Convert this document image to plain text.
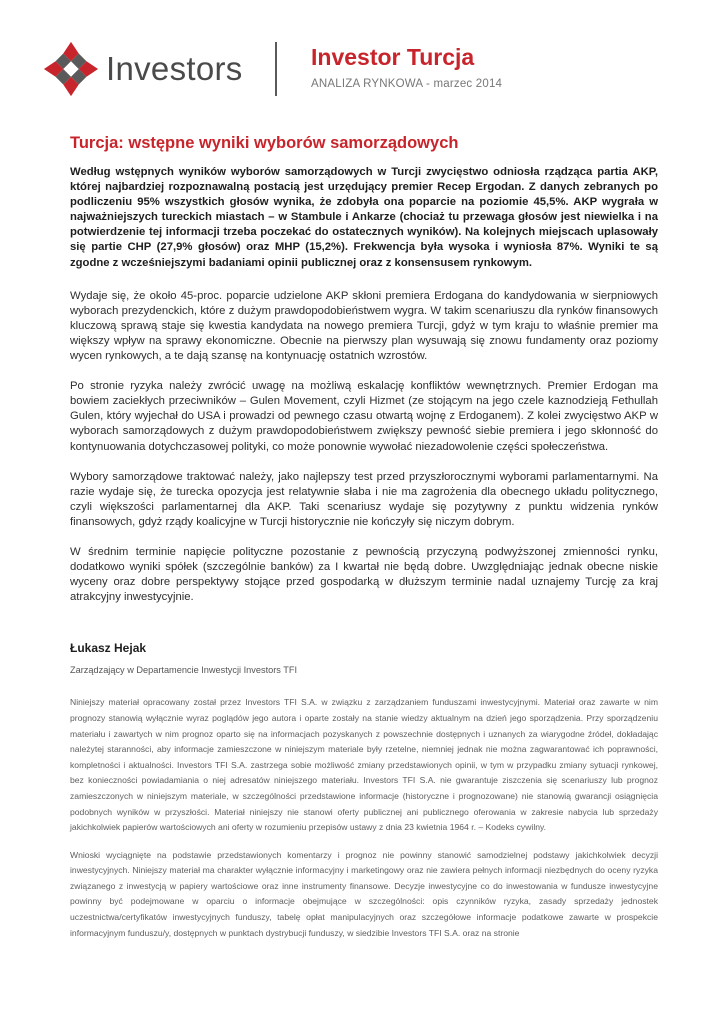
Investors	Investor Turcja
ANALIZA RYNKOWA - marzec 2014
Turcja: wstępne wyniki wyborów samorządowych

Według wstępnych wyników wyborów samorządowych w Turcji zwycięstwo odniosła rządząca partia AKP, której najbardziej rozpoznawalną postacią jest urzędujący premier Recep Ergodan. Z danych zebranych po podliczeniu 95% wszystkich głosów wynika, że zdobyła ona poparcie na poziomie 45,5%. AKP wygrała w najważniejszych tureckich miastach – w Stambule i Ankarze (chociaż tu przewaga głosów jest niewielka i na potwierdzenie tej informacji trzeba poczekać do ostatecznych wyników). Na kolejnych miejscach uplasowały się partie CHP (27,9% głosów) oraz MHP (15,2%). Frekwencja była wysoka i wyniosła 87%. Wyniki te są zgodne z wcześniejszymi badaniami opinii publicznej oraz z konsensusem rynkowym.

Wydaje się, że około 45-proc. poparcie udzielone AKP skłoni premiera Erdogana do kandydowania w sierpniowych wyborach prezydenckich, które z dużym prawdopodobieństwem wygra. W takim scenariuszu dla rynków finansowych kluczową sprawą staje się kwestia kandydata na nowego premiera Turcji, gdyż w tym kraju to właśnie premier ma większy wpływ na sprawy ekonomiczne. Obecnie na pierwszy plan wysuwają się znowu fundamenty oraz poziomy wycen rynkowych, a te dają szansę na kontynuację ostatnich wzrostów.

Po stronie ryzyka należy zwrócić uwagę na możliwą eskalację konfliktów wewnętrznych. Premier Erdogan ma bowiem zaciekłych przeciwników – Gulen Movement, czyli Hizmet (ze stojącym na jego czele kaznodzieją Fethullah Gulen, który wyjechał do USA i prowadzi od pewnego czasu otwartą wojnę z Erdoganem). Z kolei zwycięstwo AKP w wyborach samorządowych z dużym prawdopodobieństwem zwiększy pewność siebie premiera i jego skłonność do kontynuowania dotychczasowej polityki, co może ponownie wywołać niezadowolenie części społeczeństwa.

Wybory samorządowe traktować należy, jako najlepszy test przed przyszłorocznymi wyborami parlamentarnymi. Na razie wydaje się, że turecka opozycja jest relatywnie słaba i nie ma zagrożenia dla obecnego układu politycznego, czyli większości parlamentarnej dla AKP. Taki scenariusz wydaje się pozytywny z punktu widzenia rynków finansowych, gdyż rządy koalicyjne w Turcji historycznie nie kończyły się niczym dobrym.

W średnim terminie napięcie polityczne pozostanie z pewnością przyczyną podwyższonej zmienności rynku, dodatkowo wyniki spółek (szczególnie banków) za I kwartał nie będą dobre. Uwzględniając jednak obecne niskie wyceny oraz dobre perspektywy stojące przed gospodarką w dłuższym terminie nadal uznajemy Turcję za kraj atrakcyjny inwestycyjnie.

Łukasz Hejak
Zarządzający w Departamencie Inwestycji Investors TFI

Niniejszy materiał opracowany został przez Investors TFI S.A. w związku z zarządzaniem funduszami inwestycyjnymi. Materiał oraz zawarte w nim prognozy stanowią wyłącznie wyraz poglądów jego autora i oparte zostały na stanie wiedzy aktualnym na dzień jego sporządzenia. Przy sporządzeniu materiału i zawartych w nim prognoz oparto się na informacjach pozyskanych z powszechnie dostępnych i uznanych za wiarygodne źródeł, dokładając należytej staranności, aby informacje zamieszczone w niniejszym materiale były rzetelne, niemniej jednak nie można zagwarantować ich poprawności, kompletności i aktualności. Investors TFI S.A. zastrzega sobie możliwość zmiany przedstawionych opinii, w tym w przypadku zmiany sytuacji rynkowej, bez konieczności powiadamiania o niej adresatów niniejszego materiału. Investors TFI S.A. nie gwarantuje ziszczenia się scenariuszy lub prognoz zamieszczonych w niniejszym materiale, w szczególności przedstawione informacje (historyczne i prognozowane) nie stanowią gwarancji osiągnięcia podobnych wyników w przyszłości. Materiał niniejszy nie stanowi oferty publicznej ani publicznego oferowania w zakresie nabycia lub sprzedaży jakichkolwiek papierów wartościowych ani oferty w rozumieniu przepisów ustawy z dnia 23 kwietnia 1964 r. – Kodeks cywilny.

Wnioski wyciągnięte na podstawie przedstawionych komentarzy i prognoz nie powinny stanowić samodzielnej podstawy jakichkolwiek decyzji inwestycyjnych. Niniejszy materiał ma charakter wyłącznie informacyjny i marketingowy oraz nie zawiera pełnych informacji niezbędnych do oceny ryzyka związanego z inwestycją w papiery wartościowe oraz inne instrumenty finansowe. Decyzje inwestycyjne co do inwestowania w fundusze inwestycyjne powinny być podejmowane w oparciu o informacje obejmujące w szczególności: opis czynników ryzyka, zasady sprzedaży jednostek uczestnictwa/certyfikatów inwestycyjnych funduszy, tabelę opłat manipulacyjnych oraz szczegółowe informacje podatkowe zawarte w prospekcie informacyjnym funduszu/y, dostępnych w punktach dystrybucji funduszy, w siedzibie Investors TFI S.A. oraz na stronie
